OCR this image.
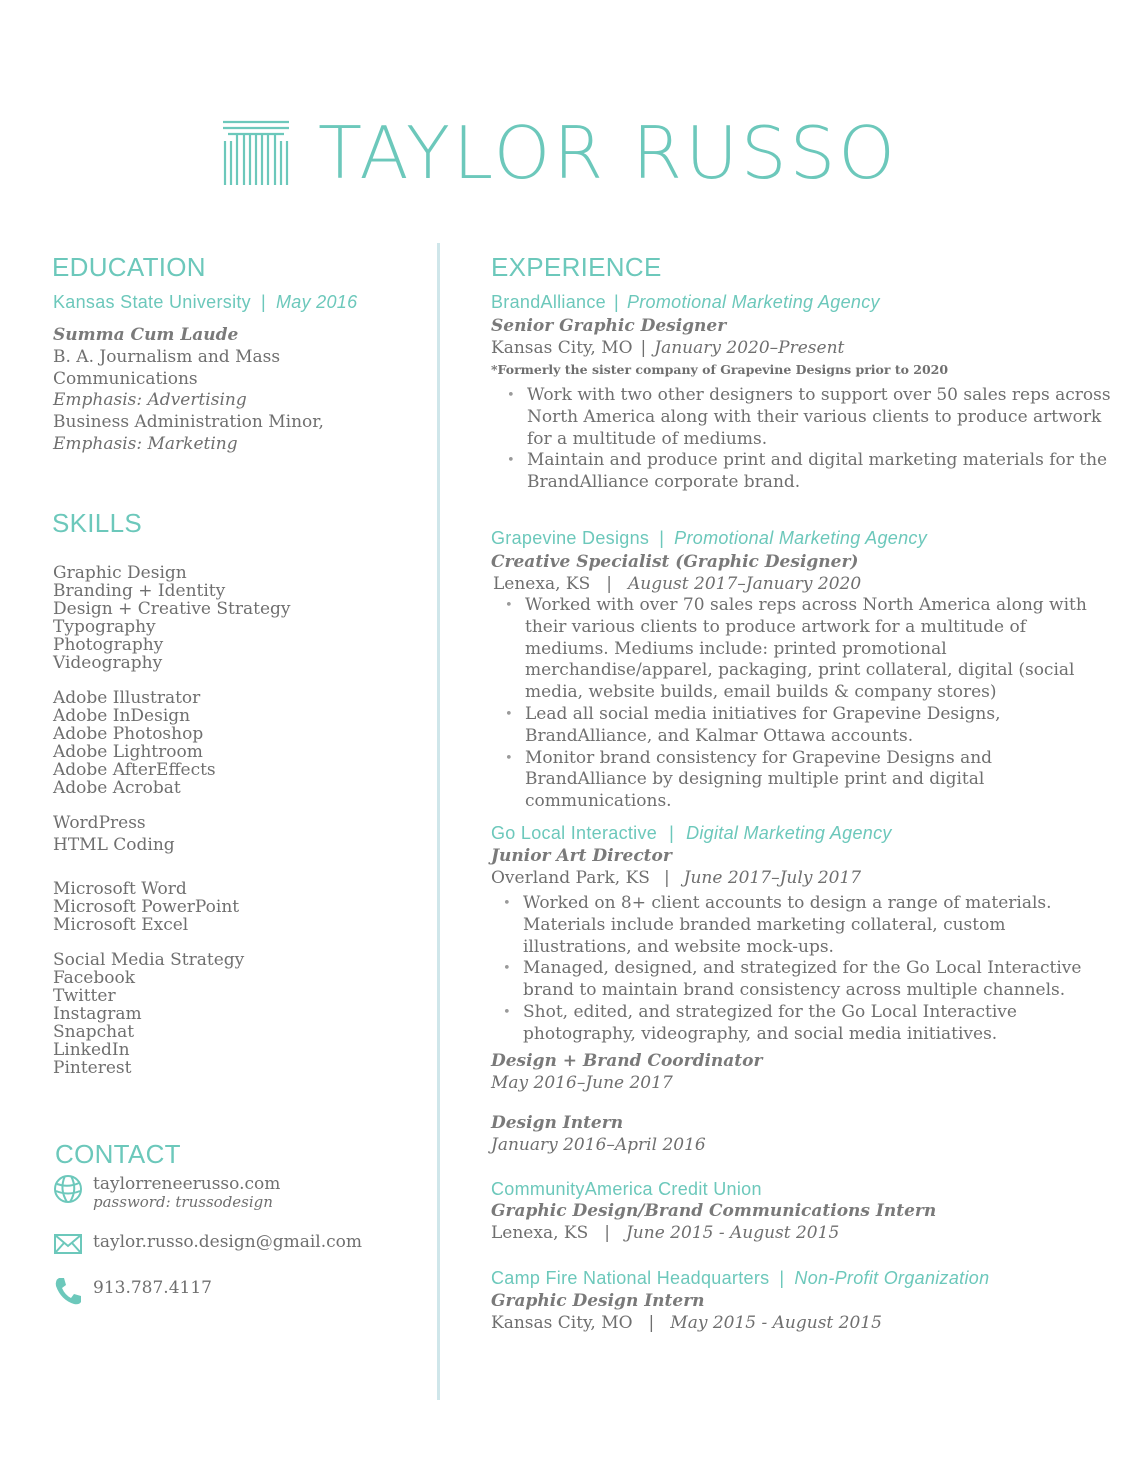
TAYLOR RUSSO
EDUCATION
Kansas State University | May 2016
Summa Cum Laude
B. A. Journalism and Mass
Communications
Emphasis: Advertising
Business Administration Minor,
Emphasis: Marketing
SKILLS
Graphic Design
Branding + Identity
Design + Creative Strategy
Typography
Photography
Videography
Adobe Illustrator
Adobe InDesign
Adobe Photoshop
Adobe Lightroom
Adobe AfterEffects
Adobe Acrobat
WordPress
HTML Coding
Microsoft Word
Microsoft PowerPoint
Microsoft Excel
Social Media Strategy
Facebook
Twitter
Instagram
Snapchat
LinkedIn
Pinterest
CONTACT
taylorreneerusso.com
password: trussodesign
taylor.russo.design@gmail.com
913.787.4117
EXPERIENCE
BrandAlliance | Promotional Marketing Agency
Senior Graphic Designer
Kansas City, MO | January 2020–Present
*Formerly the sister company of Grapevine Designs prior to 2020
• Work with two other designers to support over 50 sales reps across North America along with their various clients to produce artwork for a multitude of mediums.
• Maintain and produce print and digital marketing materials for the BrandAlliance corporate brand.
Grapevine Designs | Promotional Marketing Agency
Creative Specialist (Graphic Designer)
Lenexa, KS | August 2017–January 2020
• Worked with over 70 sales reps across North America along with their various clients to produce artwork for a multitude of mediums. Mediums include: printed promotional merchandise/apparel, packaging, print collateral, digital (social media, website builds, email builds & company stores)
• Lead all social media initiatives for Grapevine Designs, BrandAlliance, and Kalmar Ottawa accounts.
• Monitor brand consistency for Grapevine Designs and BrandAlliance by designing multiple print and digital communications.
Go Local Interactive | Digital Marketing Agency
Junior Art Director
Overland Park, KS | June 2017–July 2017
• Worked on 8+ client accounts to design a range of materials. Materials include branded marketing collateral, custom illustrations, and website mock-ups.
• Managed, designed, and strategized for the Go Local Interactive brand to maintain brand consistency across multiple channels.
• Shot, edited, and strategized for the Go Local Interactive photography, videography, and social media initiatives.
Design + Brand Coordinator
May 2016–June 2017
Design Intern
January 2016–April 2016
CommunityAmerica Credit Union
Graphic Design/Brand Communications Intern
Lenexa, KS | June 2015 - August 2015
Camp Fire National Headquarters | Non-Profit Organization
Graphic Design Intern
Kansas City, MO | May 2015 - August 2015
